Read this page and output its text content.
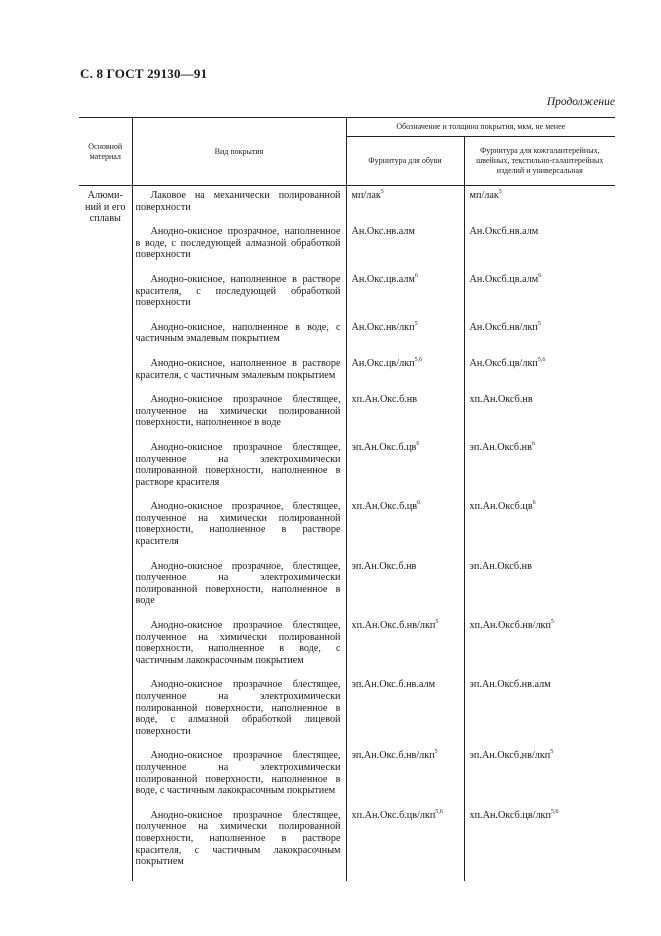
С. 8 ГОСТ 29130—91
Продолжение
Основной материал	Вид покрытия	Обозначение и толщина покрытия, мкм, не менее	
		Фурнитура для обуви	Фурнитура для кожгалантерейных, швейных, текстильно-галантерейных изделий и универсальная
Алюминий и его сплавы	Лаковое на механически полированной поверхности	мп/лак$^5$	мп/лак$^5$
	Анодно-окисное прозрачное, наполненное в воде, с последующей алмазной обработкой поверхности	Ан.Окс.нв.алм	Ан.Оксб.нв.алм
	Анодно-окисное, наполненное в растворе красителя, с последующей обработкой поверхности	Ан.Окс.цв.алм$^6$	Ан.Оксб.цв.алм$^6$
	Анодно-окисное, наполненное в воде, с частичным эмалевым покрытием	Ан.Окс.нв/лкп$^5$	Ан.Оксб.нв/лкп$^5$
	Анодно-окисное, наполненное в растворе красителя, с частичным эмалевым покрытием	Ан.Окс.цв/лкп$^{5,6}$	Ан.Оксб.цв/лкп$^{5,6}$
	Анодно-окисное прозрачное блестящее, полученное на химически полированной поверхности, наполненное в воде	хп.Ан.Окс.б.нв	хп.Ан.Оксб.нв
	Анодно-окисное прозрачное блестящее, полученное на электрохимически полированной поверхности, наполненное в растворе красителя	$эп.Ан.Окс.б.цв^6$	$эп.Ан.Оксб.нв^6$
	Анодно-окисное прозрачное, блестящее, полученное на химически полированной поверхности, наполненное в растворе красителя	$хп.Ан.Окс.б.цв^6$	$хп.Ан.Оксб.цв^6$
	Анодно-окисное прозрачное, блестящее, полученное на электрохимически полированной поверхности, наполненное в воде	эп.Ан.Окс.б.нв	эп.Ан.Оксб.нв
	Анодно-окисное прозрачное блестящее, полученное на химически полированной поверхности, наполненное в воде, с частичным лакокрасочным покрытием	хп.Ан.Окс.б.нв/лкп$^5$	хп.Ан.Оксб.нв/лкп$^5$
	Анодно-окисное прозрачное блестящее, полученное на электрохимически полированной поверхности, наполненное в воде, с алмазной обработкой лицевой поверхности	эп.Ан.Окс.б.нв.алм	эп.Ан.Оксб.нв.алм
	Анодно-окисное прозрачное блестящее, полученное на электрохимически полированной поверхности, наполненное в воде, с частичным лакокрасочным покрытием	эп.Ан.Окс.б.нв/лкп$^5$	эп.Ан.Оксб.нв/лкп$^5$
	Анодно-окисное прозрачное блестящее, полученное на химически полированной поверхности, наполненное в растворе красителя, с частичным лакокрасочным покрытием	хп.Ан.Окс.б.цв/лкп$^{5,6}$	хп.Ан.Оксб.цв/лкп$^{5,6}$
